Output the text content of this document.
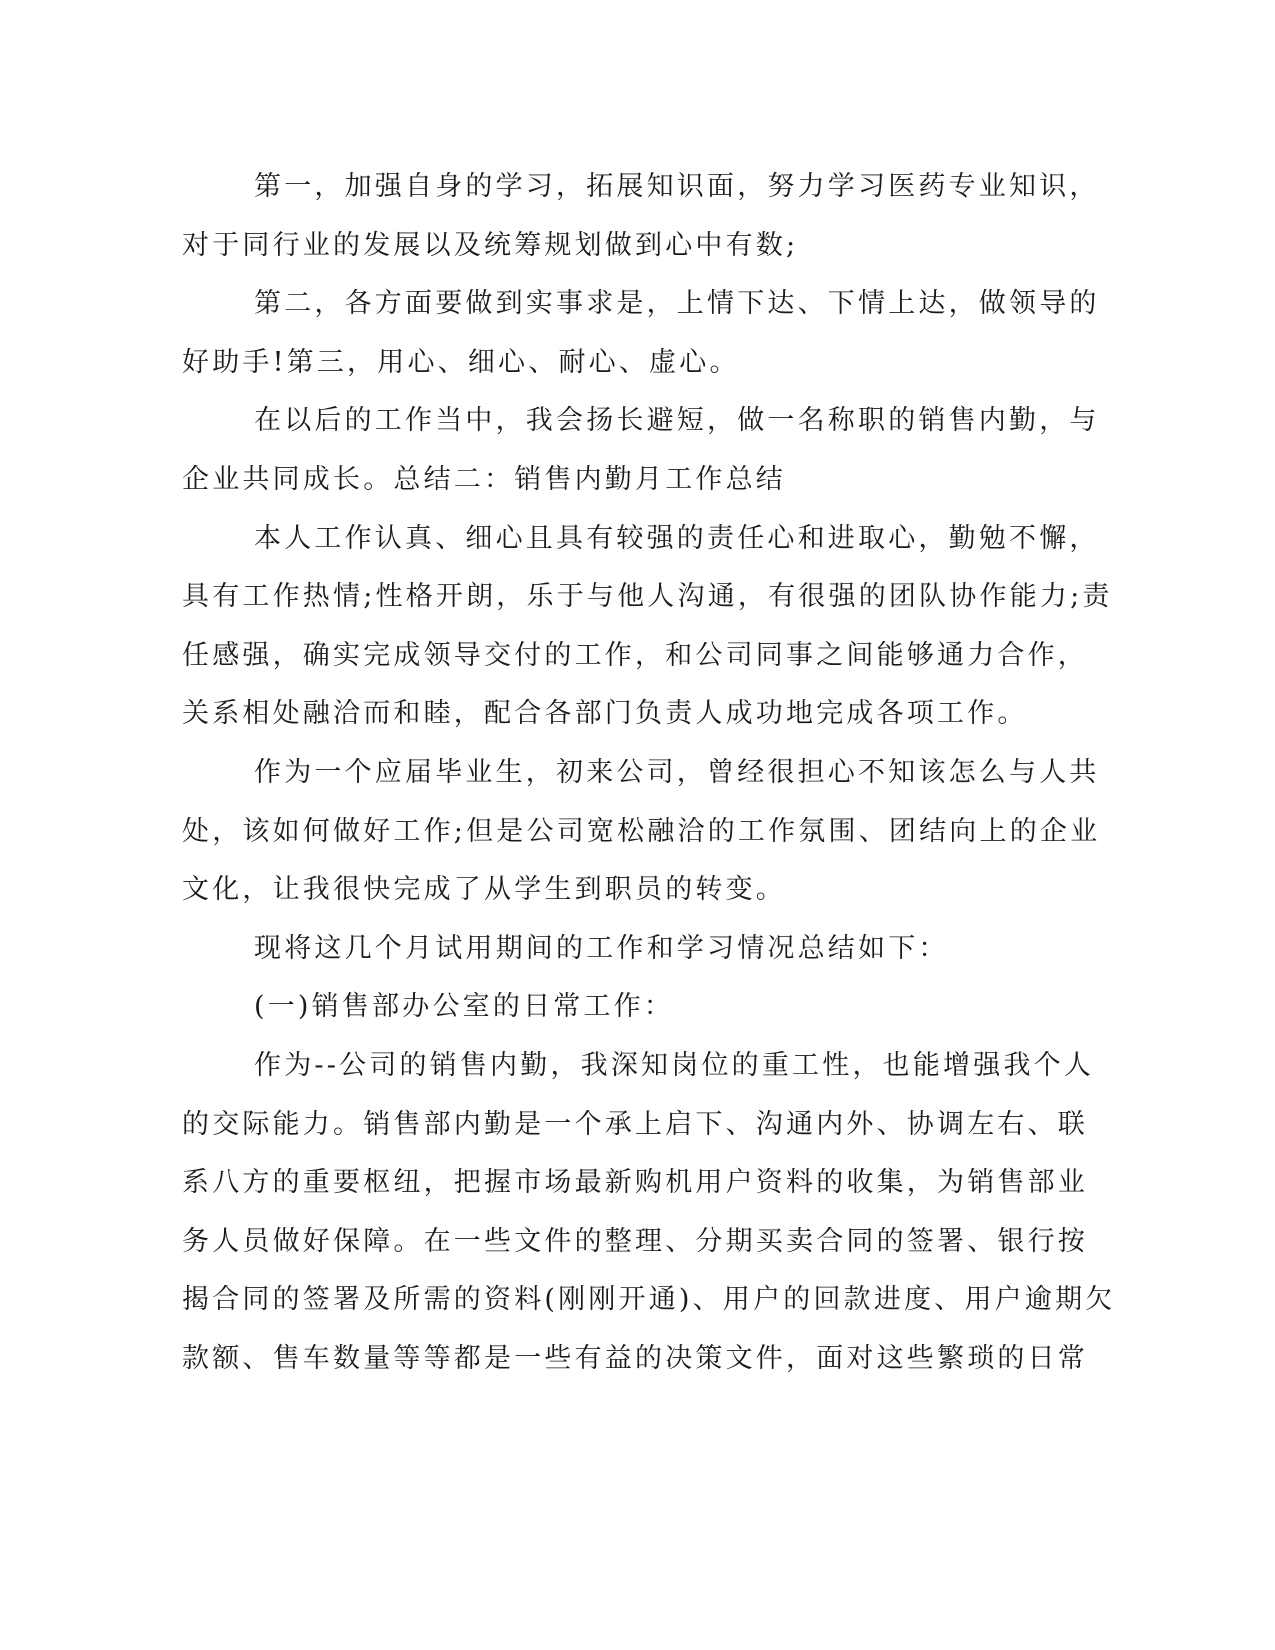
第一，加强自身的学习，拓展知识面，努力学习医药专业知识，
对于同行业的发展以及统筹规划做到心中有数;
第二，各方面要做到实事求是，上情下达、下情上达，做领导的
好助手!第三，用心、细心、耐心、虚心。
在以后的工作当中，我会扬长避短，做一名称职的销售内勤，与
企业共同成长。总结二：销售内勤月工作总结
本人工作认真、细心且具有较强的责任心和进取心，勤勉不懈，
具有工作热情;性格开朗，乐于与他人沟通，有很强的团队协作能力;责
任感强，确实完成领导交付的工作，和公司同事之间能够通力合作，
关系相处融洽而和睦，配合各部门负责人成功地完成各项工作。
作为一个应届毕业生，初来公司，曾经很担心不知该怎么与人共
处，该如何做好工作;但是公司宽松融洽的工作氛围、团结向上的企业
文化，让我很快完成了从学生到职员的转变。
现将这几个月试用期间的工作和学习情况总结如下：
(一)销售部办公室的日常工作：
作为--公司的销售内勤，我深知岗位的重工性，也能增强我个人
的交际能力。销售部内勤是一个承上启下、沟通内外、协调左右、联
系八方的重要枢纽，把握市场最新购机用户资料的收集，为销售部业
务人员做好保障。在一些文件的整理、分期买卖合同的签署、银行按
揭合同的签署及所需的资料(刚刚开通)、用户的回款进度、用户逾期欠
款额、售车数量等等都是一些有益的决策文件，面对这些繁琐的日常
